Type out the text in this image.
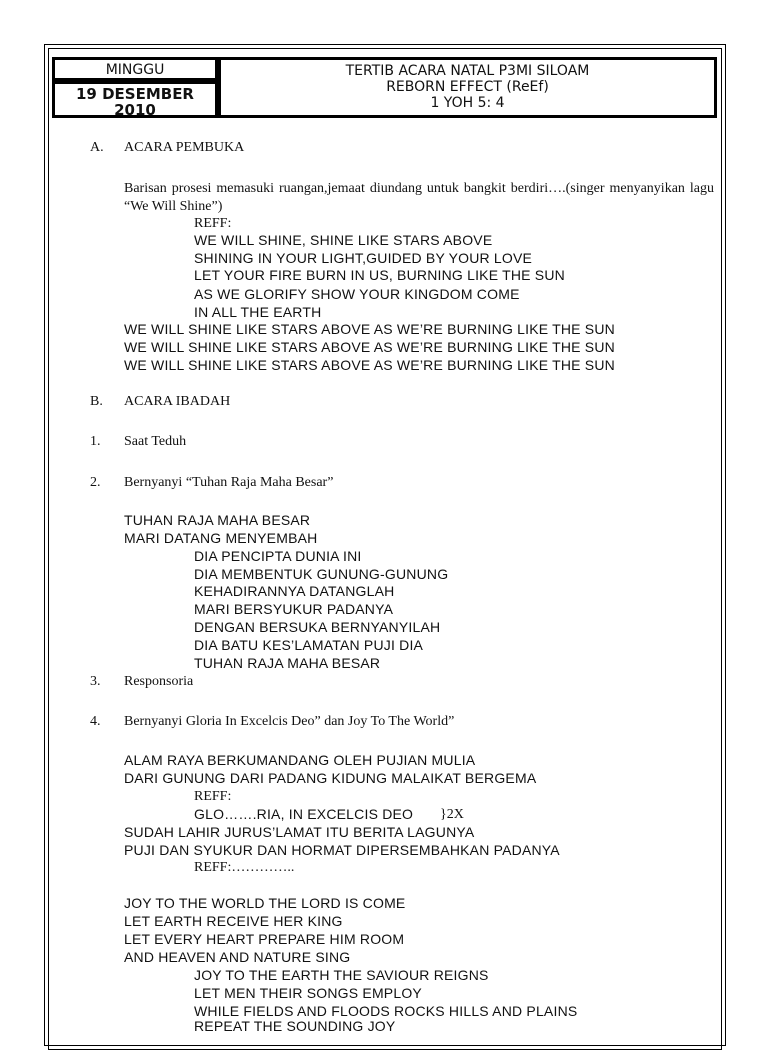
MINGGU
19 DESEMBER
2010
TERTIB ACARA NATAL P3MI SILOAM
REBORN EFFECT (ReEf)
1 YOH 5: 4
A. ACARA PEMBUKA
Barisan prosesi memasuki ruangan,jemaat diundang untuk bangkit berdiri….(singer menyanyikan lagu “We Will Shine”)
REFF:
WE WILL SHINE, SHINE LIKE STARS ABOVE
SHINING IN YOUR LIGHT,GUIDED BY YOUR LOVE
LET YOUR FIRE BURN IN US, BURNING LIKE THE SUN
AS WE GLORIFY SHOW YOUR KINGDOM COME
IN ALL THE EARTH
WE WILL SHINE LIKE STARS ABOVE AS WE’RE BURNING LIKE THE SUN
WE WILL SHINE LIKE STARS ABOVE AS WE’RE BURNING LIKE THE SUN
WE WILL SHINE LIKE STARS ABOVE AS WE’RE BURNING LIKE THE SUN
B. ACARA IBADAH
1. Saat Teduh
2. Bernyanyi “Tuhan Raja Maha Besar”
TUHAN RAJA MAHA BESAR
MARI DATANG MENYEMBAH
DIA PENCIPTA DUNIA INI
DIA MEMBENTUK GUNUNG-GUNUNG
KEHADIRANNYA DATANGLAH
MARI BERSYUKUR PADANYA
DENGAN BERSUKA BERNYANYILAH
DIA BATU KES’LAMATAN PUJI DIA
TUHAN RAJA MAHA BESAR
3. Responsoria
4. Bernyanyi Gloria In Excelcis Deo” dan Joy To The World”
ALAM RAYA BERKUMANDANG OLEH PUJIAN MULIA
DARI GUNUNG DARI PADANG KIDUNG MALAIKAT BERGEMA
REFF:
GLO…….RIA, IN EXCELCIS DEO }2X
SUDAH LAHIR JURUS’LAMAT ITU BERITA LAGUNYA
PUJI DAN SYUKUR DAN HORMAT DIPERSEMBAHKAN PADANYA
REFF:…………..
JOY TO THE WORLD THE LORD IS COME
LET EARTH RECEIVE HER KING
LET EVERY HEART PREPARE HIM ROOM
AND HEAVEN AND NATURE SING
JOY TO THE EARTH THE SAVIOUR REIGNS
LET MEN THEIR SONGS EMPLOY
WHILE FIELDS AND FLOODS ROCKS HILLS AND PLAINS
REPEAT THE SOUNDING JOY
